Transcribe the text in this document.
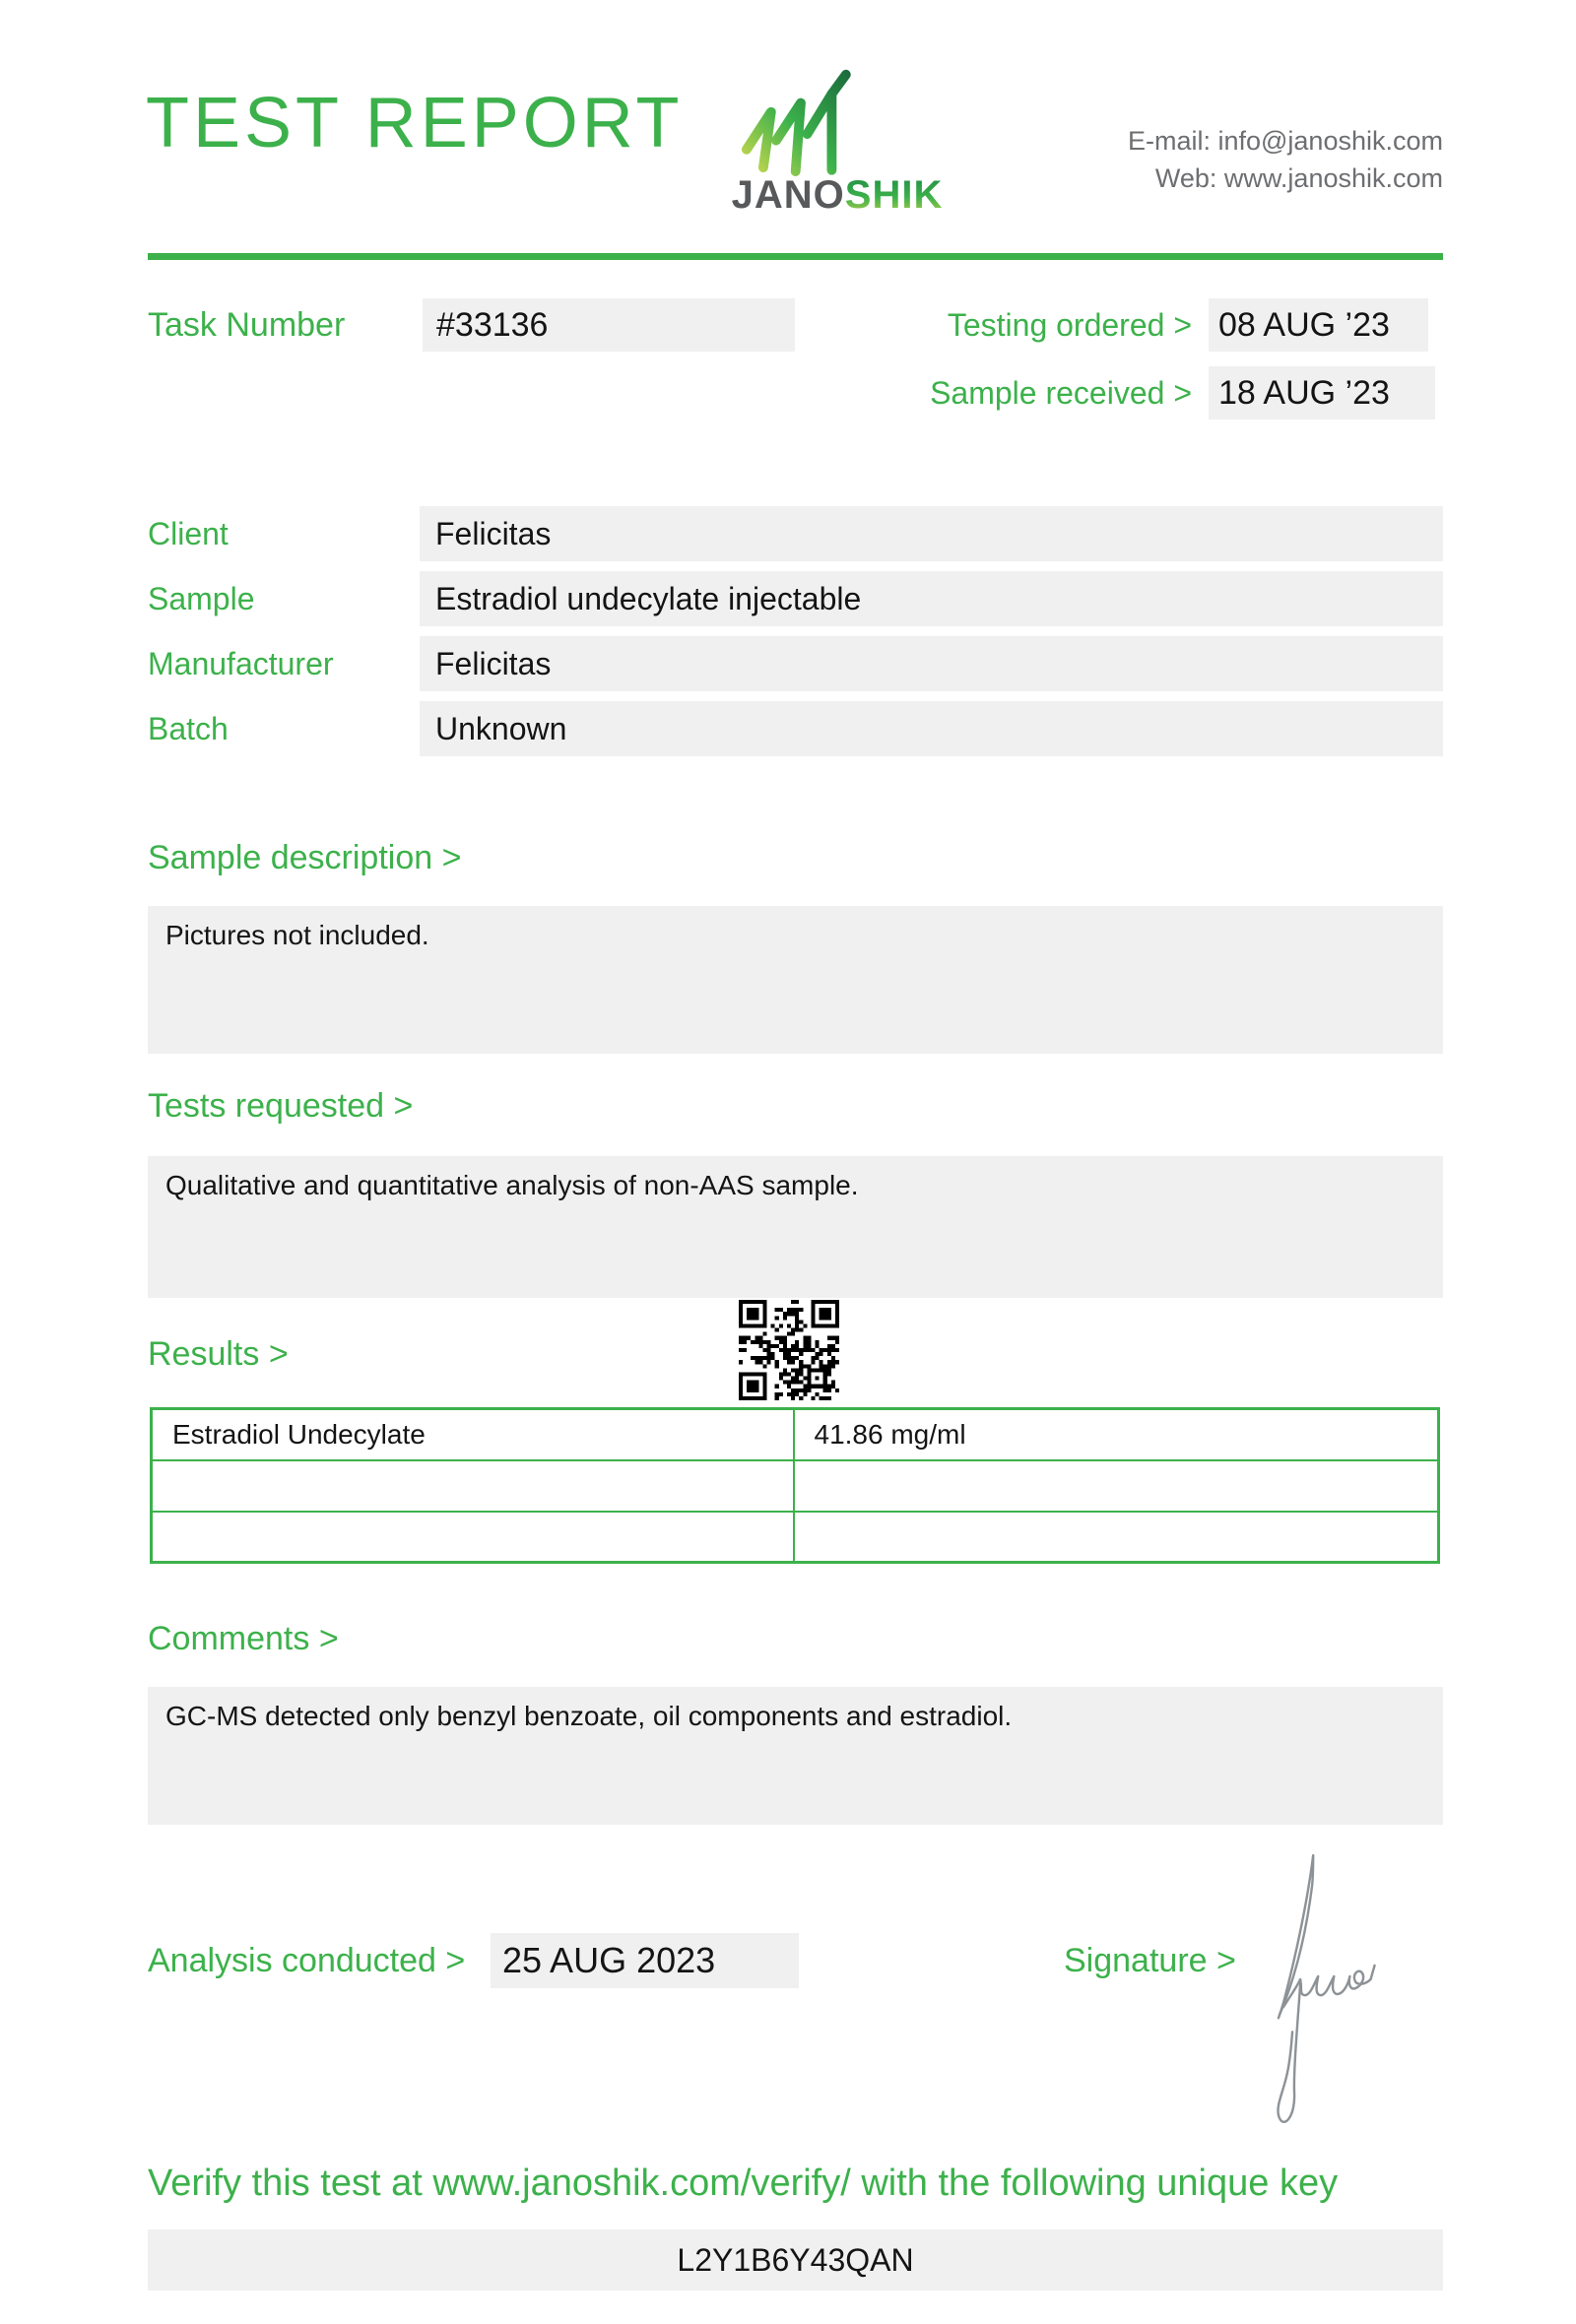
TEST REPORT
JANOSHIK
E-mail: info@janoshik.com
Web: www.janoshik.com
Task Number	#33136	Testing ordered > 08 AUG ’23
Sample received > 18 AUG ’23
Client	Felicitas
Sample	Estradiol undecylate injectable
Manufacturer	Felicitas
Batch	Unknown
Sample description >
Pictures not included.
Tests requested >
Qualitative and quantitative analysis of non-AAS sample.
Results >
Estradiol Undecylate	41.86 mg/ml

Comments >
GC-MS detected only benzyl benzoate, oil components and estradiol.
Analysis conducted >	25 AUG 2023	Signature >
Verify this test at www.janoshik.com/verify/ with the following unique key
L2Y1B6Y43QAN
